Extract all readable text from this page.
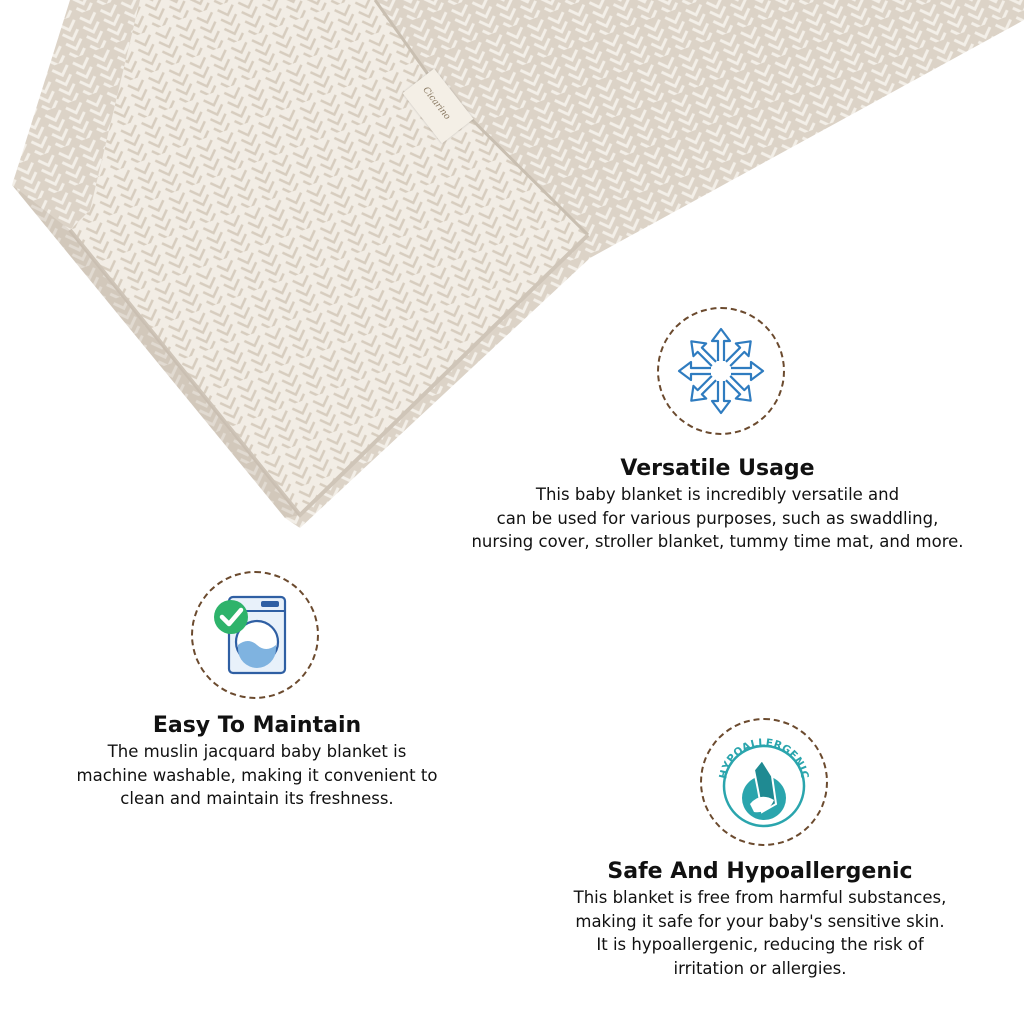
Cicarino
Versatile Usage

This baby blanket is incredibly versatile and
can be used for various purposes, such as swaddling,
nursing cover, stroller blanket, tummy time mat, and more.

Easy To Maintain

The muslin jacquard baby blanket is
machine washable, making it convenient to
clean and maintain its freshness.

HYPOALLERGENIC
Safe And Hypoallergenic

This blanket is free from harmful substances,
making it safe for your baby's sensitive skin.
It is hypoallergenic, reducing the risk of
irritation or allergies.
